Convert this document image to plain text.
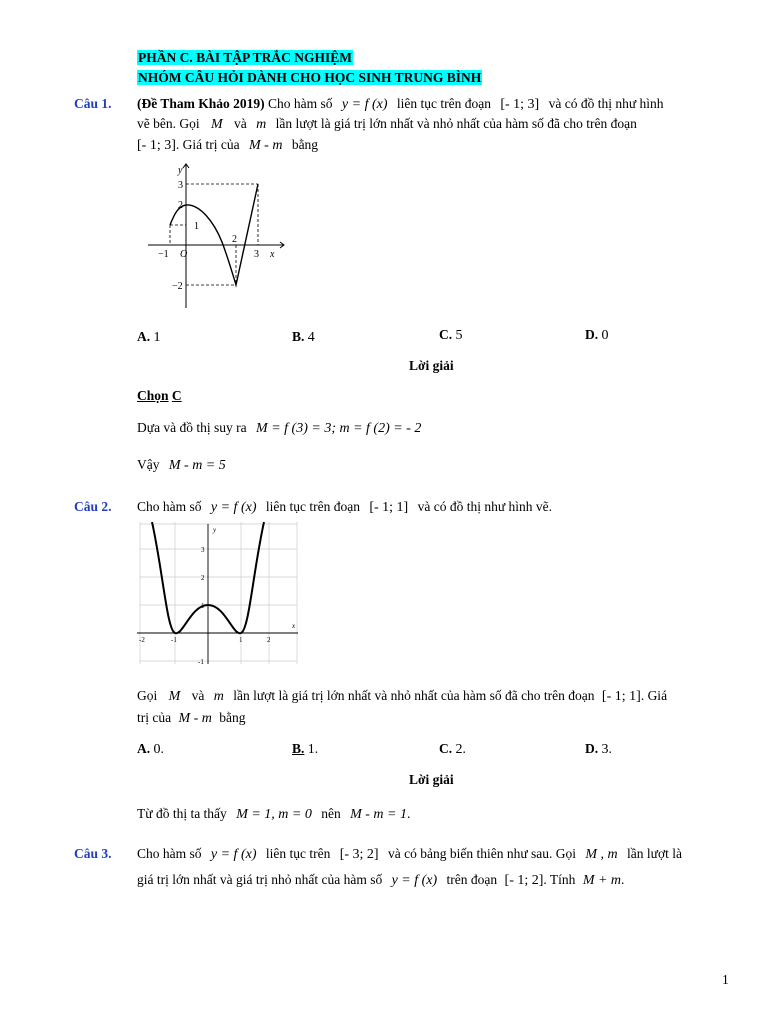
PHẦN C. BÀI TẬP TRẮC NGHIỆM
NHÓM CÂU HỎI DÀNH CHO HỌC SINH TRUNG BÌNH
Câu 1. (Đề Tham Khảo 2019) Cho hàm số y = f (x) liên tục trên đoạn [- 1; 3] và có đồ thị như hình
vẽ bên. Gọi M và m lần lượt là giá trị lớn nhất và nhỏ nhất của hàm số đã cho trên đoạn
[- 1; 3]. Giá trị của M - m bằng
y
x
O
−1
1
2
3
2
3
−2
A. 1	B. 4	C. 5	D. 0
Lời giải
Chọn C
Dựa và đồ thị suy ra M = f (3) = 3; m = f (2) = - 2
Vậy M - m = 5
Câu 2. Cho hàm số y = f (x) liên tục trên đoạn [- 1; 1] và có đồ thị như hình vẽ.
y
x
3
2
1
-1
-2	-1	1	2
Gọi M và m lần lượt là giá trị lớn nhất và nhỏ nhất của hàm số đã cho trên đoạn [- 1; 1]. Giá
trị của M - m bằng
A. 0.	B. 1.	C. 2.	D. 3.
Lời giải
Từ đồ thị ta thấy M = 1, m = 0 nên M - m = 1.
Câu 3. Cho hàm số y = f (x) liên tục trên [- 3; 2] và có bảng biến thiên như sau. Gọi M , m lần lượt là
giá trị lớn nhất và giá trị nhỏ nhất của hàm số y = f (x) trên đoạn [- 1; 2]. Tính M + m.
1
